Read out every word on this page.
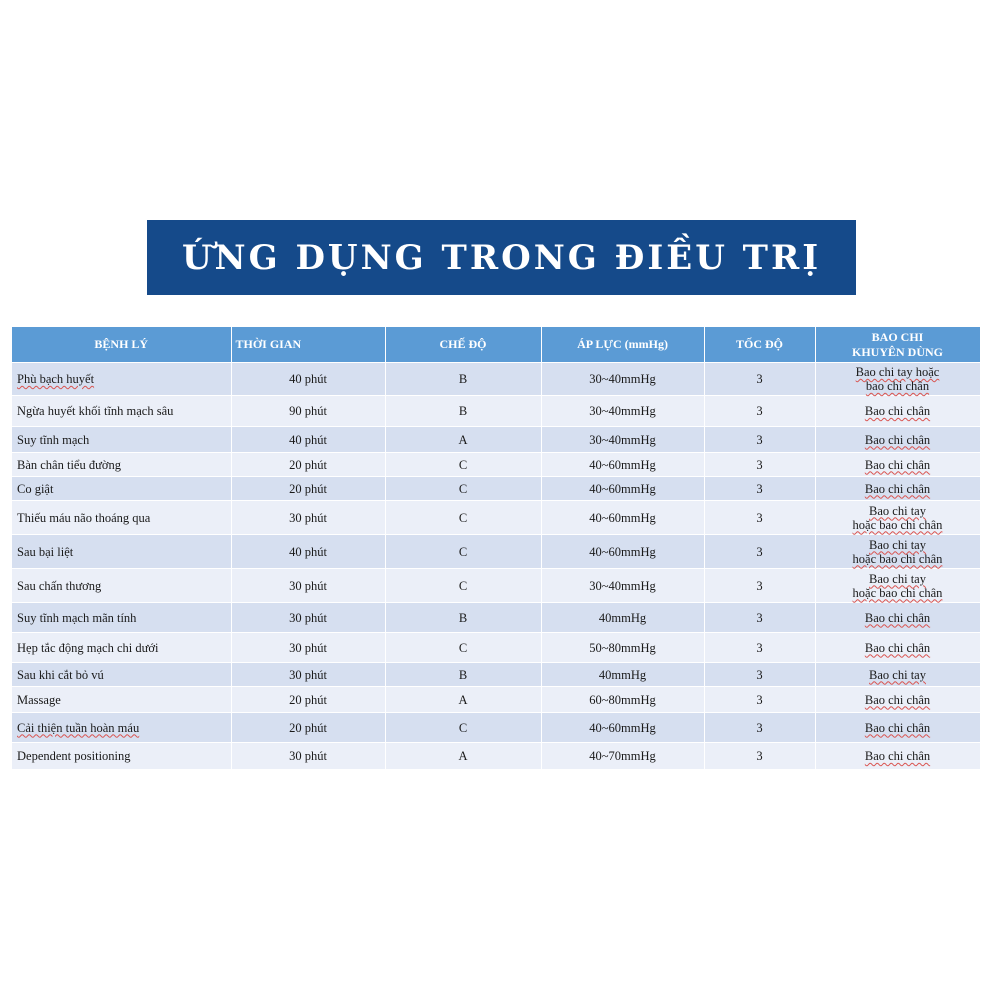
ỨNG DỤNG TRONG ĐIỀU TRỊ
BỆNH LÝ	THỜI GIAN	CHẾ ĐỘ	ÁP LỰC (mmHg)	TỐC ĐỘ	BAO CHI
KHUYÊN DÙNG

Phù bạch huyết	40 phút	B	30~40mmHg	3	Bao chi tay hoặc
bao chi chân

Ngừa huyết khối tĩnh mạch sâu	90 phút	B	30~40mmHg	3	Bao chi chân

Suy tĩnh mạch	40 phút	A	30~40mmHg	3	Bao chi chân

Bàn chân tiểu đường	20 phút	C	40~60mmHg	3	Bao chi chân

Co giật	20 phút	C	40~60mmHg	3	Bao chi chân

Thiếu máu não thoáng qua	30 phút	C	40~60mmHg	3	Bao chi tay
hoặc bao chi chân

Sau bại liệt	40 phút	C	40~60mmHg	3	Bao chi tay
hoặc bao chi chân

Sau chấn thương	30 phút	C	30~40mmHg	3	Bao chi tay
hoặc bao chi chân

Suy tĩnh mạch mãn tính	30 phút	B	40mmHg	3	Bao chi chân

Hẹp tắc động mạch chi dưới	30 phút	C	50~80mmHg	3	Bao chi chân

Sau khi cắt bỏ vú	30 phút	B	40mmHg	3	Bao chi tay

Massage	20 phút	A	60~80mmHg	3	Bao chi chân

Cải thiện tuần hoàn máu	20 phút	C	40~60mmHg	3	Bao chi chân

Dependent positioning	30 phút	A	40~70mmHg	3	Bao chi chân
